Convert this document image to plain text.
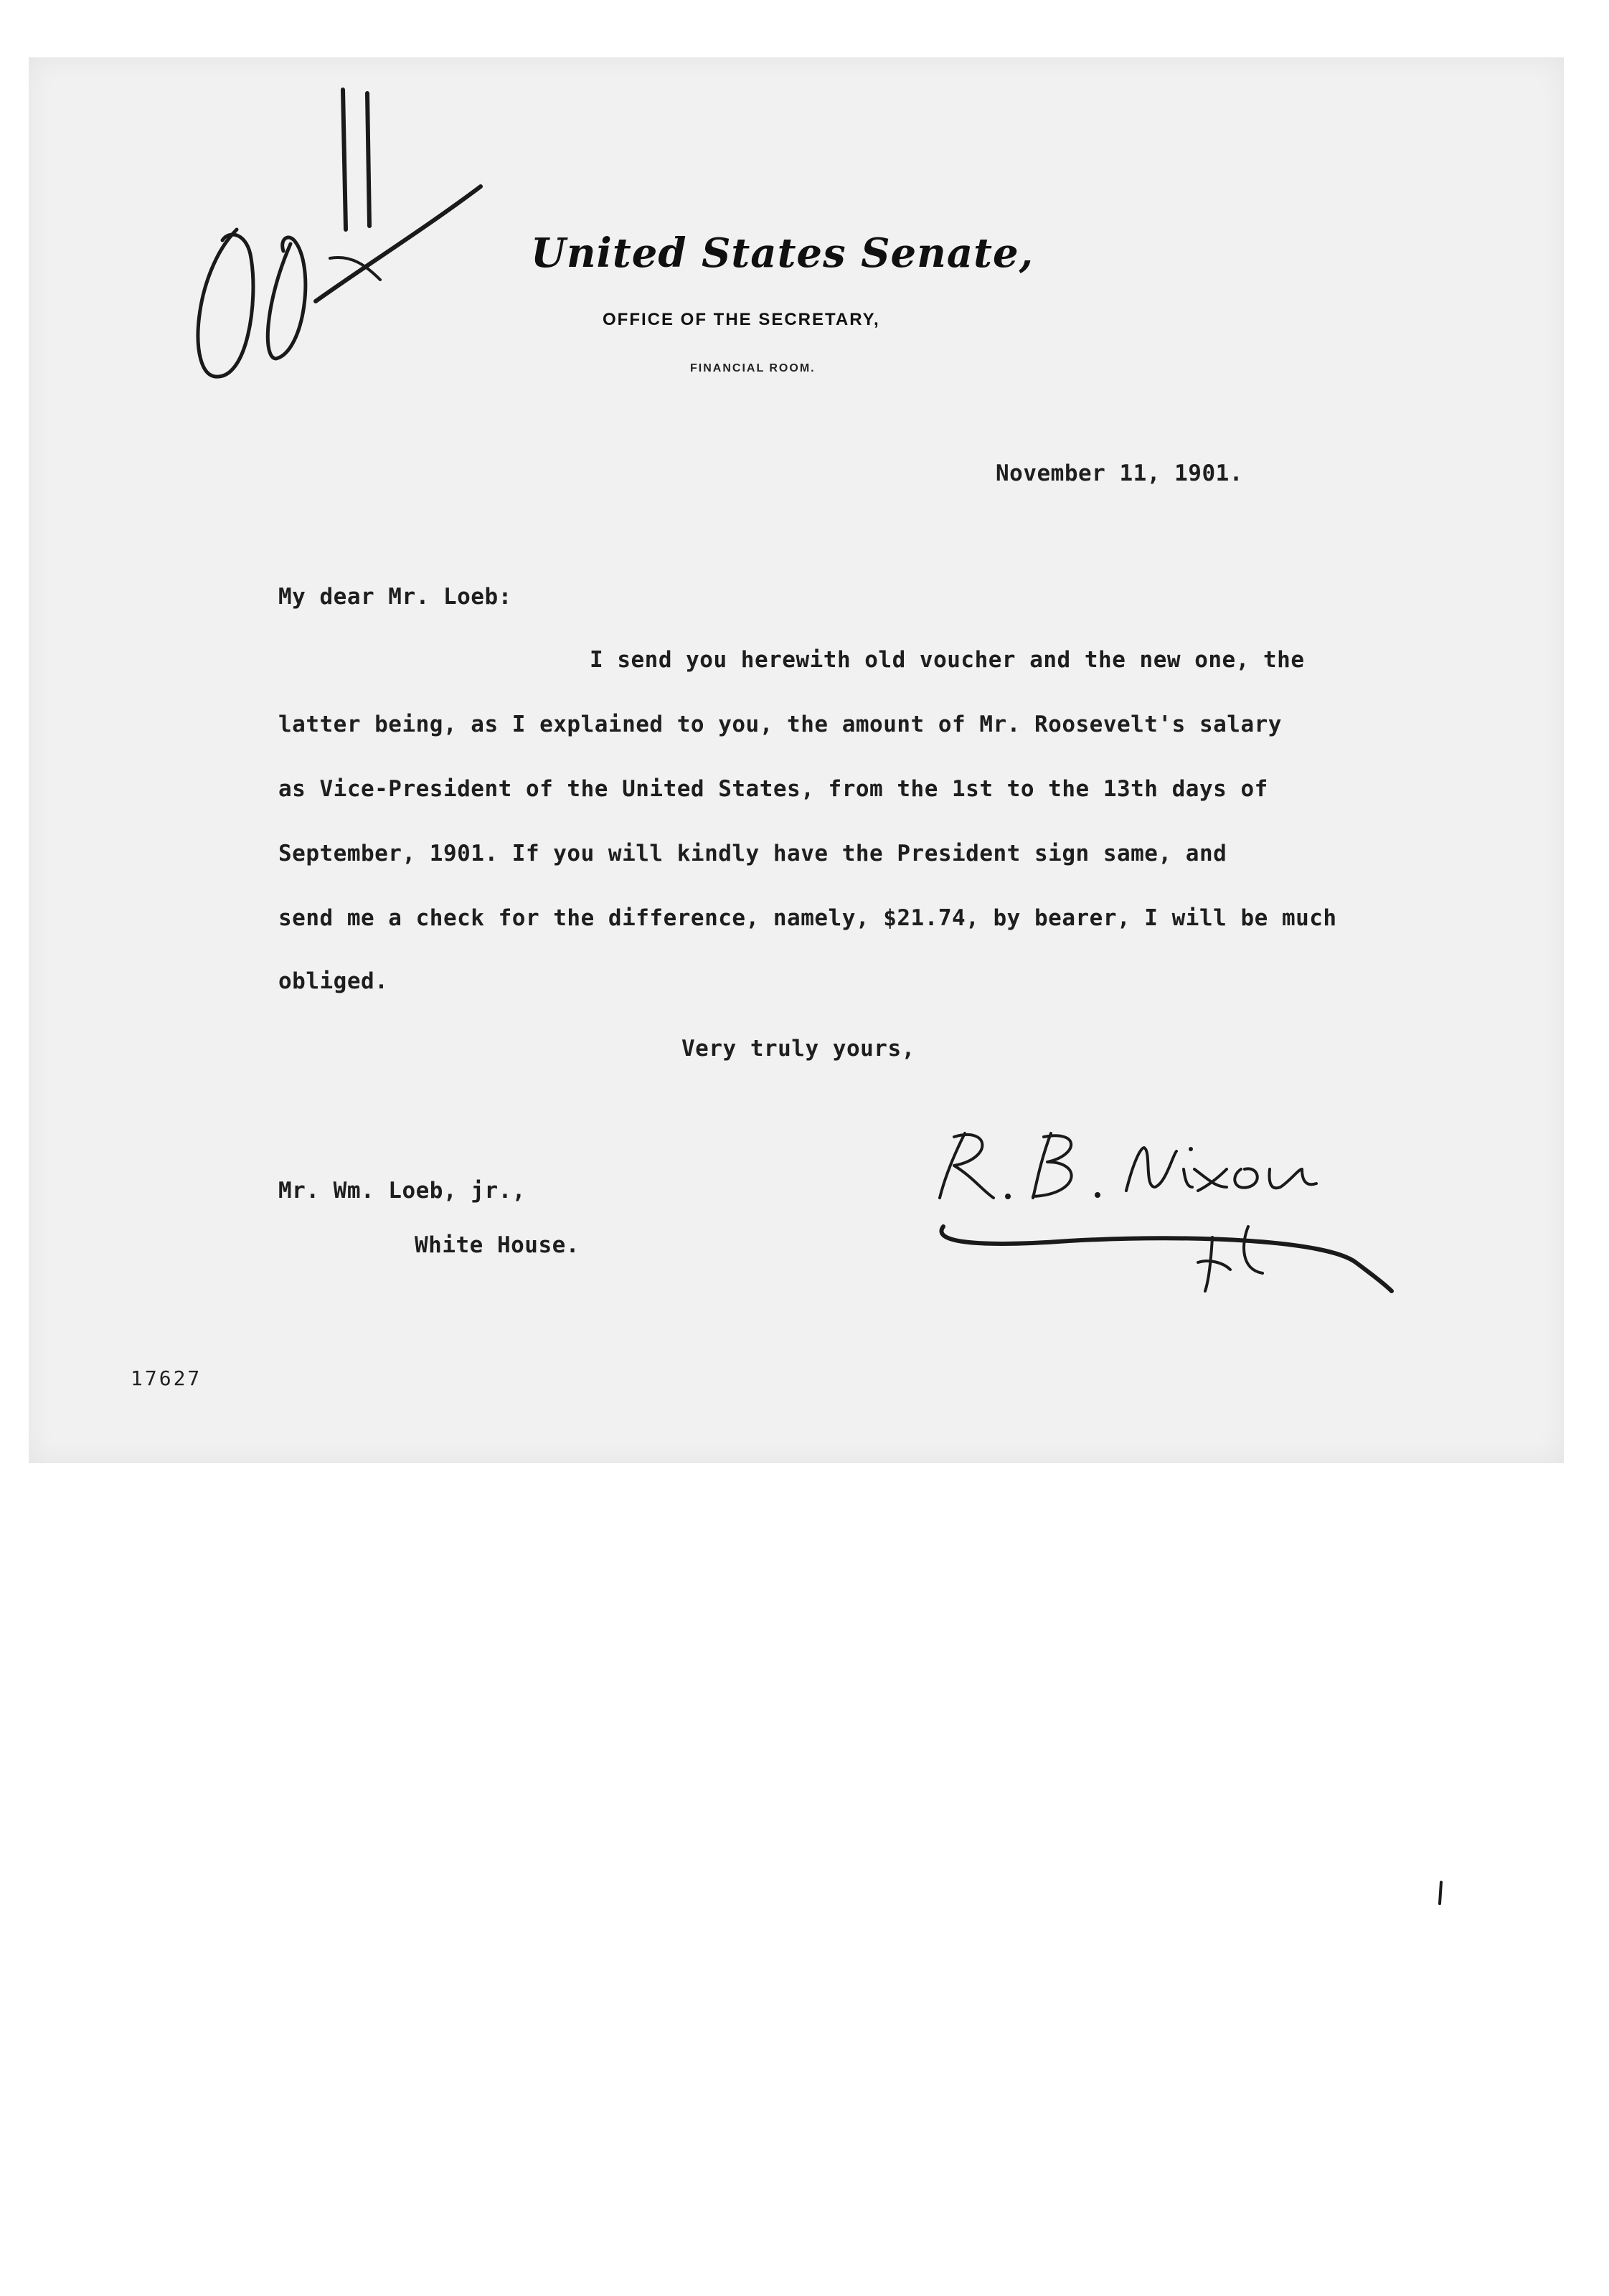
United States Senate,
OFFICE OF THE SECRETARY,
FINANCIAL ROOM.
November 11, 1901.
My dear Mr. Loeb:
I send you herewith old voucher and the new one, the
latter being, as I explained to you, the amount of Mr. Roosevelt's salary
as Vice-President of the United States, from the 1st to the 13th days of
September, 1901. If you will kindly have the President sign same, and
send me a check for the difference, namely, $21.74, by bearer, I will be much
obliged.
Very truly yours,
Mr. Wm. Loeb, jr.,
White House.
17627
